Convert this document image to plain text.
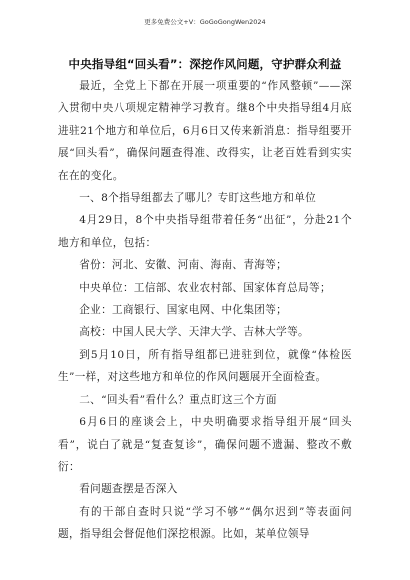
更多免费公文+V：GoGoGongWen2024
中央指导组“回头看”：深挖作风问题，守护群众利益

最近，全党上下都在开展一项重要的“作风整顿”——深入贯彻中央八项规定精神学习教育。继8个中央指导组4月底进驻21个地方和单位后，6月6日又传来新消息：指导组要开展“回头看”，确保问题查得准、改得实，让老百姓看到实实在在的变化。

一、8个指导组都去了哪儿？专盯这些地方和单位

4月29日，8个中央指导组带着任务“出征”，分赴21个地方和单位，包括：

省份：河北、安徽、河南、海南、青海等；

中央单位：工信部、农业农村部、国家体育总局等；

企业：工商银行、国家电网、中化集团等；

高校：中国人民大学、天津大学、吉林大学等。

到5月10日，所有指导组都已进驻到位，就像“体检医生”一样，对这些地方和单位的作风问题展开全面检查。

二、“回头看”看什么？重点盯这三个方面

6月6日的座谈会上，中央明确要求指导组开展“回头看”，说白了就是“复查复诊”，确保问题不遗漏、整改不敷衍：

看问题查摆是否深入

有的干部自查时只说“学习不够”“偶尔迟到”等表面问题，指导组会督促他们深挖根源。比如，某单位领导
